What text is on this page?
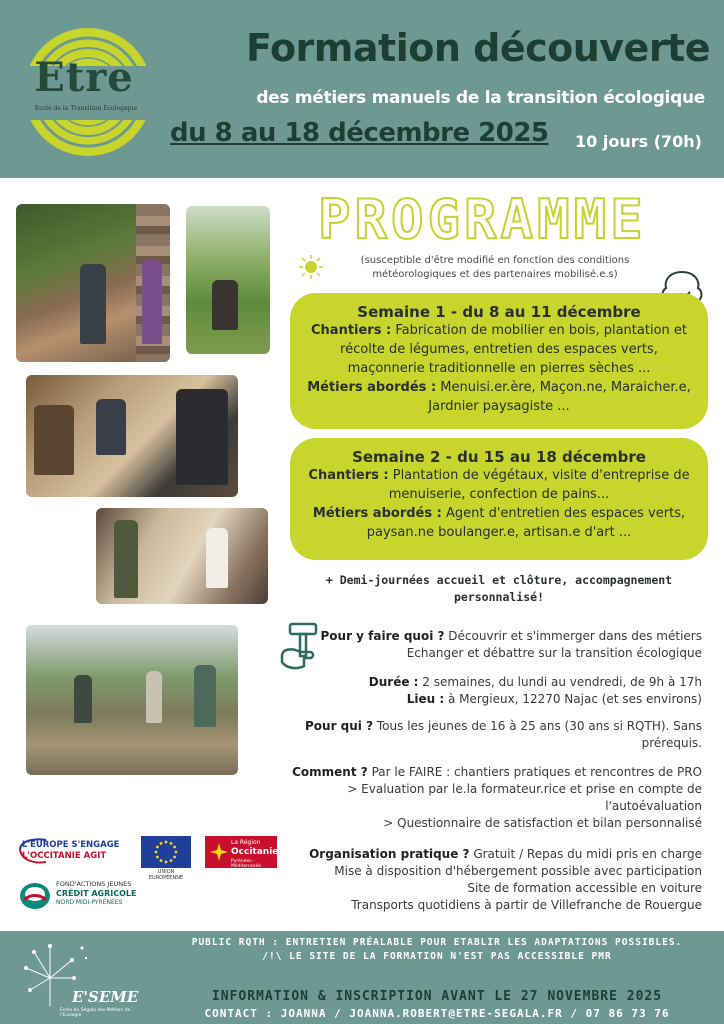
Etre
Ecole de la Transition Ecologique
Formation découverte
des métiers manuels de la transition écologique
du 8 au 18 décembre 2025 10 jours (70h)
PROGRAMME
(susceptible d'être modifié en fonction des conditions
météorologiques et des partenaires mobilisé.e.s)
Semaine 1 - du 8 au 11 décembre

Chantiers : Fabrication de mobilier en bois, plantation et récolte de légumes, entretien des espaces verts, maçonnerie traditionnelle en pierres sèches ...

Métiers abordés : Menuisi.er.ère, Maçon.ne, Maraicher.e, Jardnier paysagiste ...

Semaine 2 - du 15 au 18 décembre

Chantiers : Plantation de végétaux, visite d'entreprise de menuiserie, confection de pains...

Métiers abordés : Agent d'entretien des espaces verts, paysan.ne boulanger.e, artisan.e d'art ...

+ Demi-journées accueil et clôture, accompagnement personnalisé!
Pour y faire quoi ? Découvrir et s'immerger dans des métiers
Echanger et débattre sur la transition écologique
Durée : 2 semaines, du lundi au vendredi, de 9h à 17h
Lieu : à Mergieux, 12270 Najac (et ses environs)
Pour qui ? Tous les jeunes de 16 à 25 ans (30 ans si RQTH). Sans
prérequis.
Comment ? Par le FAIRE : chantiers pratiques et rencontres de PRO
> Evaluation par le.la formateur.rice et prise en compte de
l'autoévaluation
> Questionnaire de satisfaction et bilan personnalisé
Organisation pratique ? Gratuit / Repas du midi pris en charge
Mise à disposition d'hébergement possible avec participation
Site de formation accessible en voiture
Transports quotidiens à partir de Villefranche de Rouergue
L'EUROPE S'ENGAGE
L'OCCITANIE AGIT
UNION EUROPÉENNE
La Région
Occitanie
Pyrénées - Méditerranée
FOND'ACTIONS JEUNES
CRÉDIT AGRICOLE
NORD MIDI-PYRÉNÉES
PUBLIC RQTH : ENTRETIEN PRÉALABLE POUR ETABLIR LES ADAPTATIONS POSSIBLES.
/!\ LE SITE DE LA FORMATION N'EST PAS ACCESSIBLE PMR
INFORMATION & INSCRIPTION AVANT LE 27 NOVEMBRE 2025
CONTACT : JOANNA / JOANNA.ROBERT@ETRE-SEGALA.FR / 07 86 73 76
E'SEME
Ecole du Ségala des Métiers de l'Ecologie
